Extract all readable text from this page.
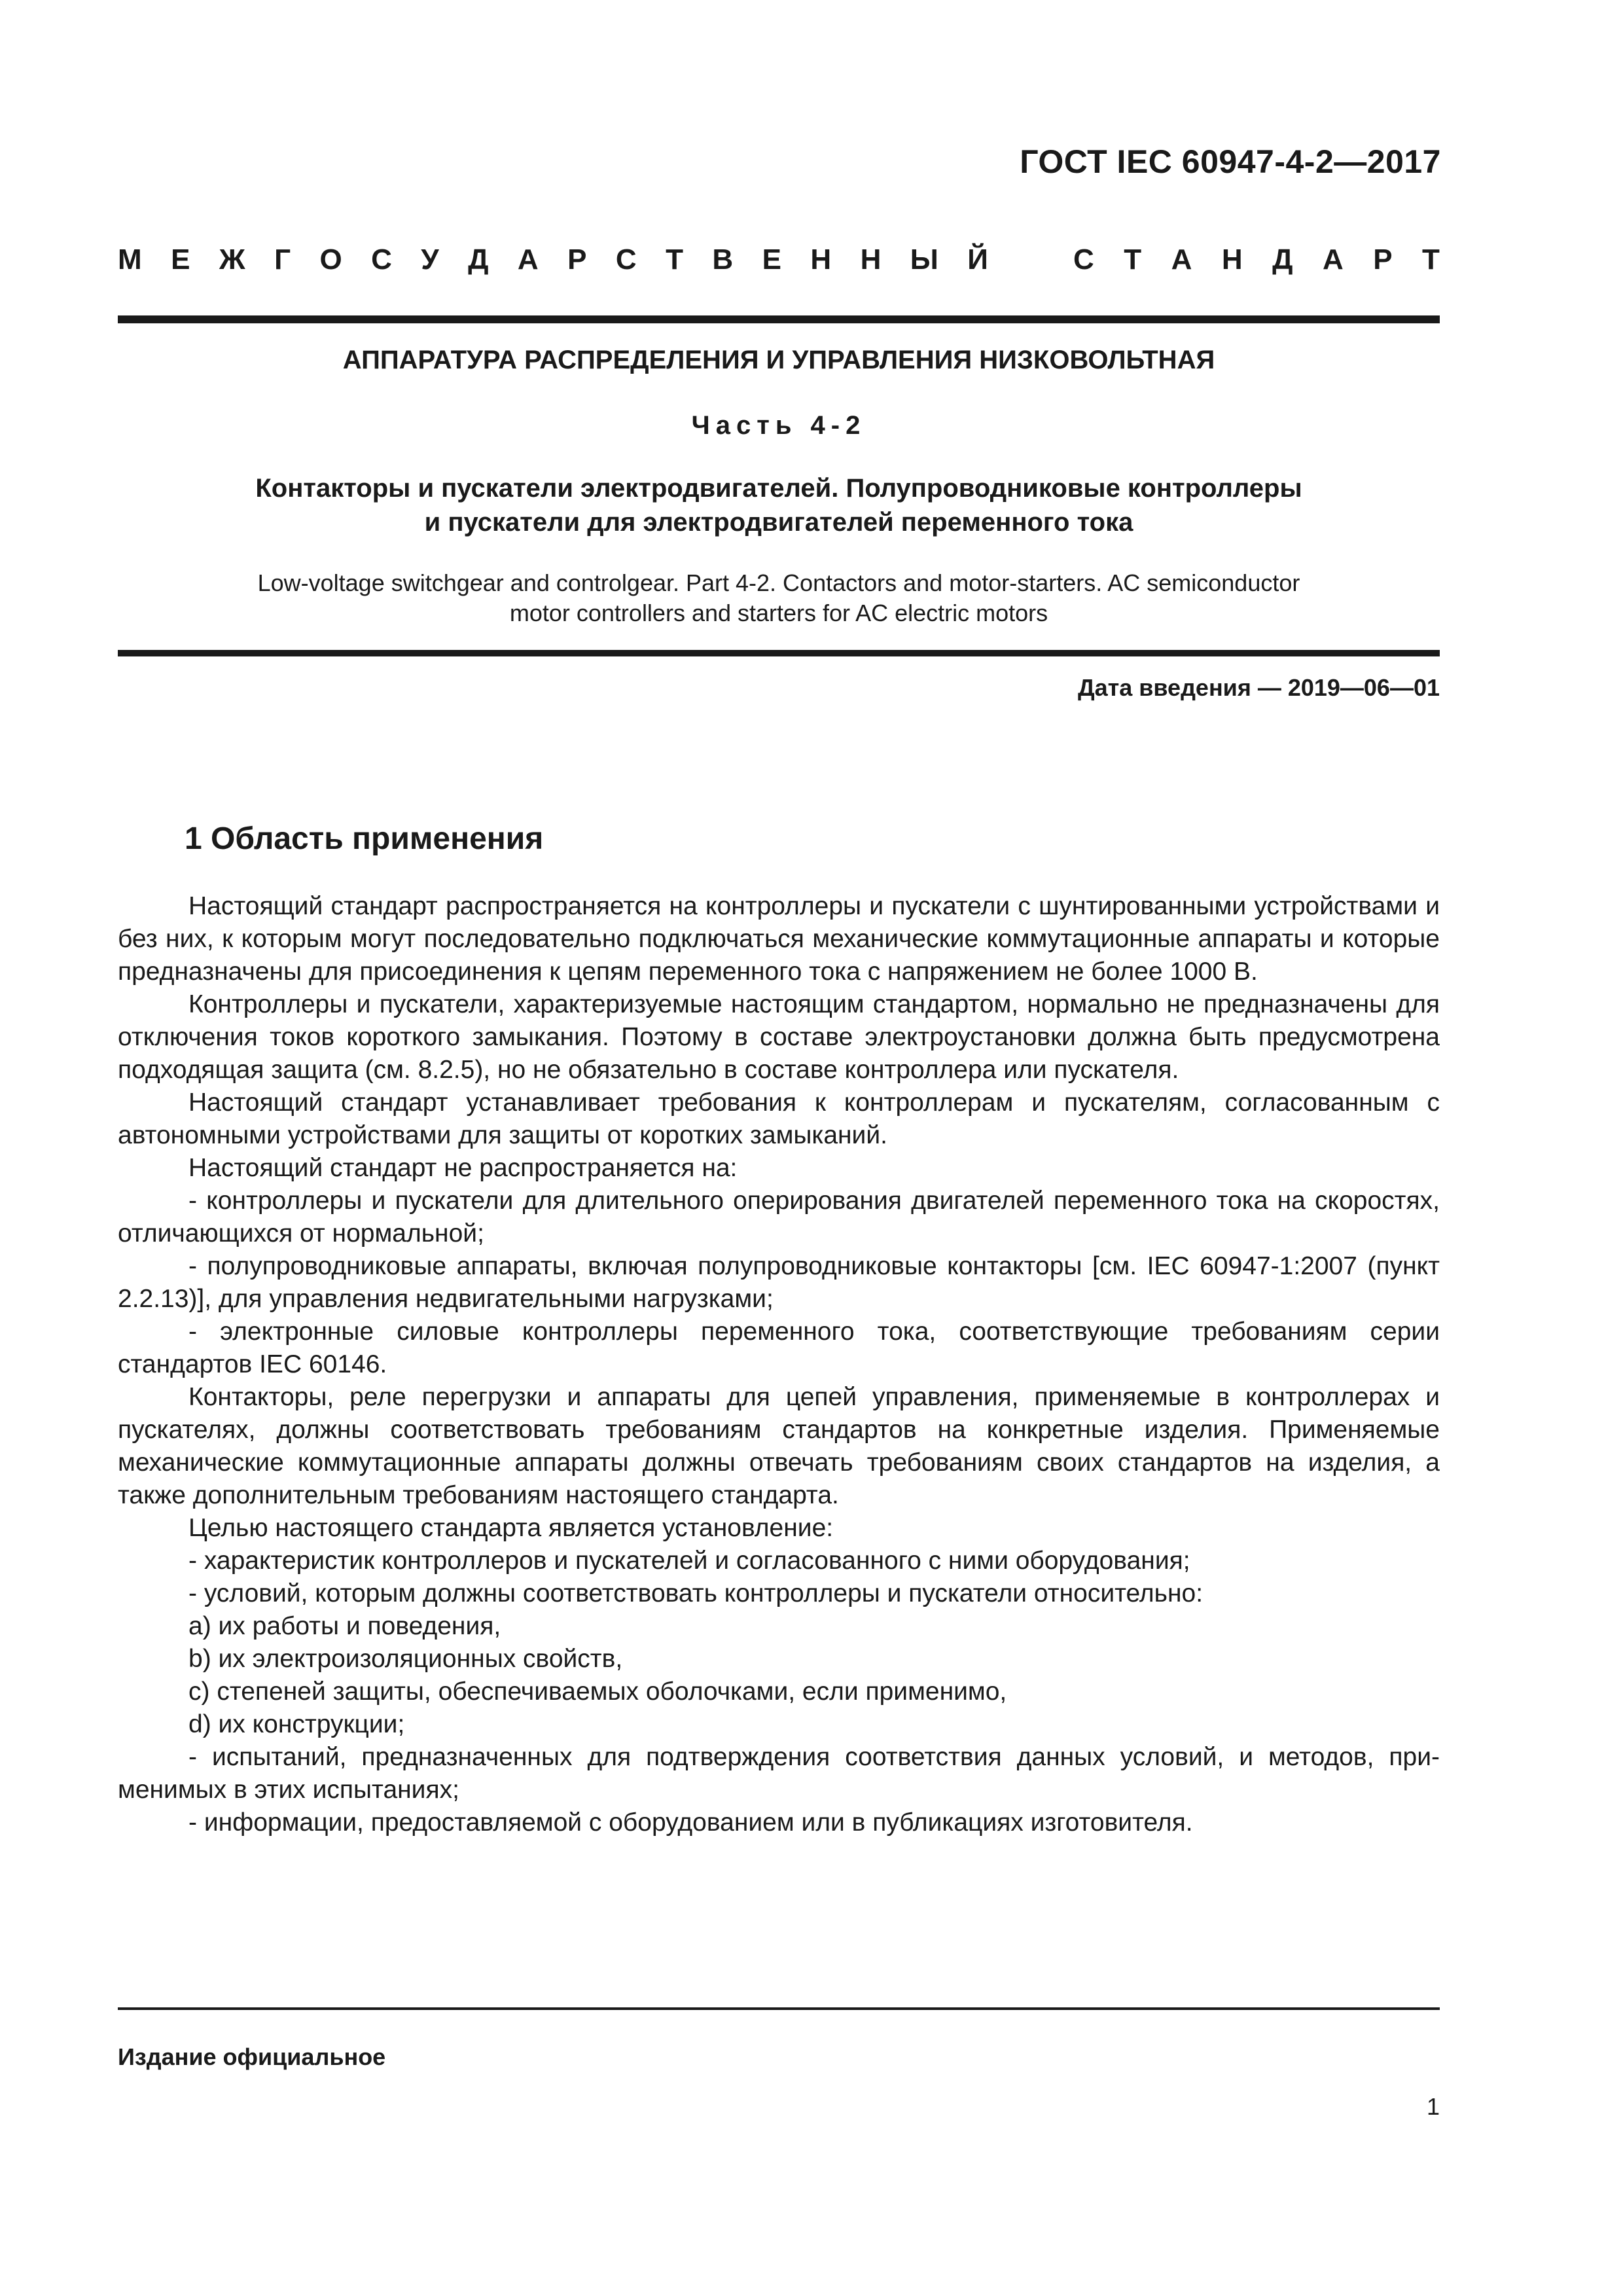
ГОСТ IEC 60947-4-2—2017
М Е Ж Г О С У Д А Р С Т В Е Н Н Ы Й	С Т А Н Д А Р Т
АППАРАТУРА РАСПРЕДЕЛЕНИЯ И УПРАВЛЕНИЯ НИЗКОВОЛЬТНАЯ
Часть 4-2
Контакторы и пускатели электродвигателей. Полупроводниковые контроллеры
и пускатели для электродвигателей переменного тока
Low-voltage switchgear and controlgear. Part 4-2. Contactors and motor-starters. AC semiconductor
motor controllers and starters for AC electric motors
Дата введения — 2019—06—01
1 Область применения

Настоящий стандарт распространяется на контроллеры и пускатели с шунтированными устройствами и без них, к которым могут последовательно подключаться механические коммутационные аппараты и которые предназначены для присоединения к цепям переменного тока с напряжением не более 1000 В.

Контроллеры и пускатели, характеризуемые настоящим стандартом, нормально не предназначены для отключения токов короткого замыкания. Поэтому в составе электроустановки должна быть предусмотрена подходящая защита (см. 8.2.5), но не обязательно в составе контроллера или пускателя.

Настоящий стандарт устанавливает требования к контроллерам и пускателям, согласованным с автономными устройствами для защиты от коротких замыканий.

Настоящий стандарт не распространяется на:

- контроллеры и пускатели для длительного оперирования двигателей переменного тока на скоростях, отличающихся от нормальной;

- полупроводниковые аппараты, включая полупроводниковые контакторы [см. IEC 60947-1:2007 (пункт 2.2.13)], для управления недвигательными нагрузками;

- электронные силовые контроллеры переменного тока, соответствующие требованиям серии стандартов IEC 60146.

Контакторы, реле перегрузки и аппараты для цепей управления, применяемые в контроллерах и пускателях, должны соответствовать требованиям стандартов на конкретные изделия. Применяемые механические коммутационные аппараты должны отвечать требованиям своих стандартов на изделия, а также дополнительным требованиям настоящего стандарта.

Целью настоящего стандарта является установление:

- характеристик контроллеров и пускателей и согласованного с ними оборудования;

- условий, которым должны соответствовать контроллеры и пускатели относительно:

a) их работы и поведения,

b) их электроизоляционных свойств,

c) степеней защиты, обеспечиваемых оболочками, если применимо,

d) их конструкции;

- испытаний, предназначенных для подтверждения соответствия данных условий, и методов, применимых в этих испытаниях;

- информации, предоставляемой с оборудованием или в публикациях изготовителя.

Издание официальное
1
